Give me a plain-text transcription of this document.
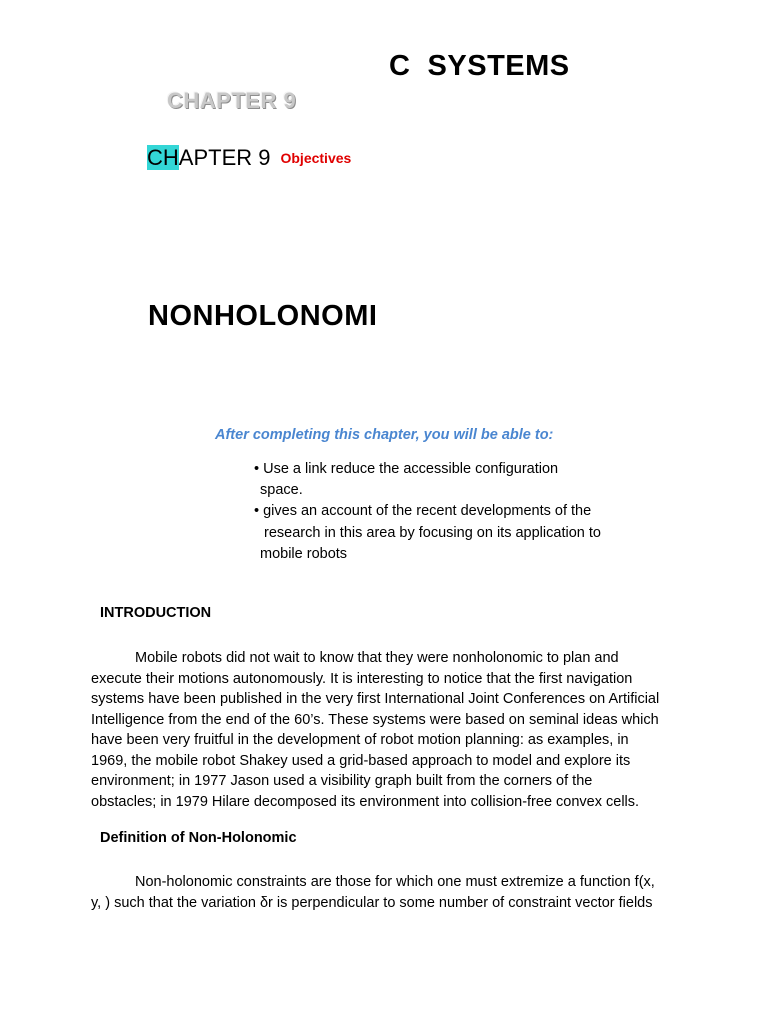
C  SYSTEMS
CHAPTER 9
CHAPTER 9 Objectives
NONHOLONOMI
After completing this chapter, you will be able to:
• Use a link reduce the accessible configuration
space.
• gives an account of the recent developments of the
research in this area by focusing on its application to
mobile robots
INTRODUCTION
Mobile robots did not wait to know that they were nonholonomic to plan and
execute their motions autonomously. It is interesting to notice that the first navigation
systems have been published in the very first International Joint Conferences on Artificial
Intelligence from the end of the 60’s. These systems were based on seminal ideas which
have been very fruitful in the development of robot motion planning: as examples, in
1969, the mobile robot Shakey used a grid-based approach to model and explore its
environment; in 1977 Jason used a visibility graph built from the corners of the
obstacles; in 1979 Hilare decomposed its environment into collision-free convex cells.
Definition of Non-Holonomic
Non-holonomic constraints are those for which one must extremize a function f(x,
y, ) such that the variation δr is perpendicular to some number of constraint vector fields
